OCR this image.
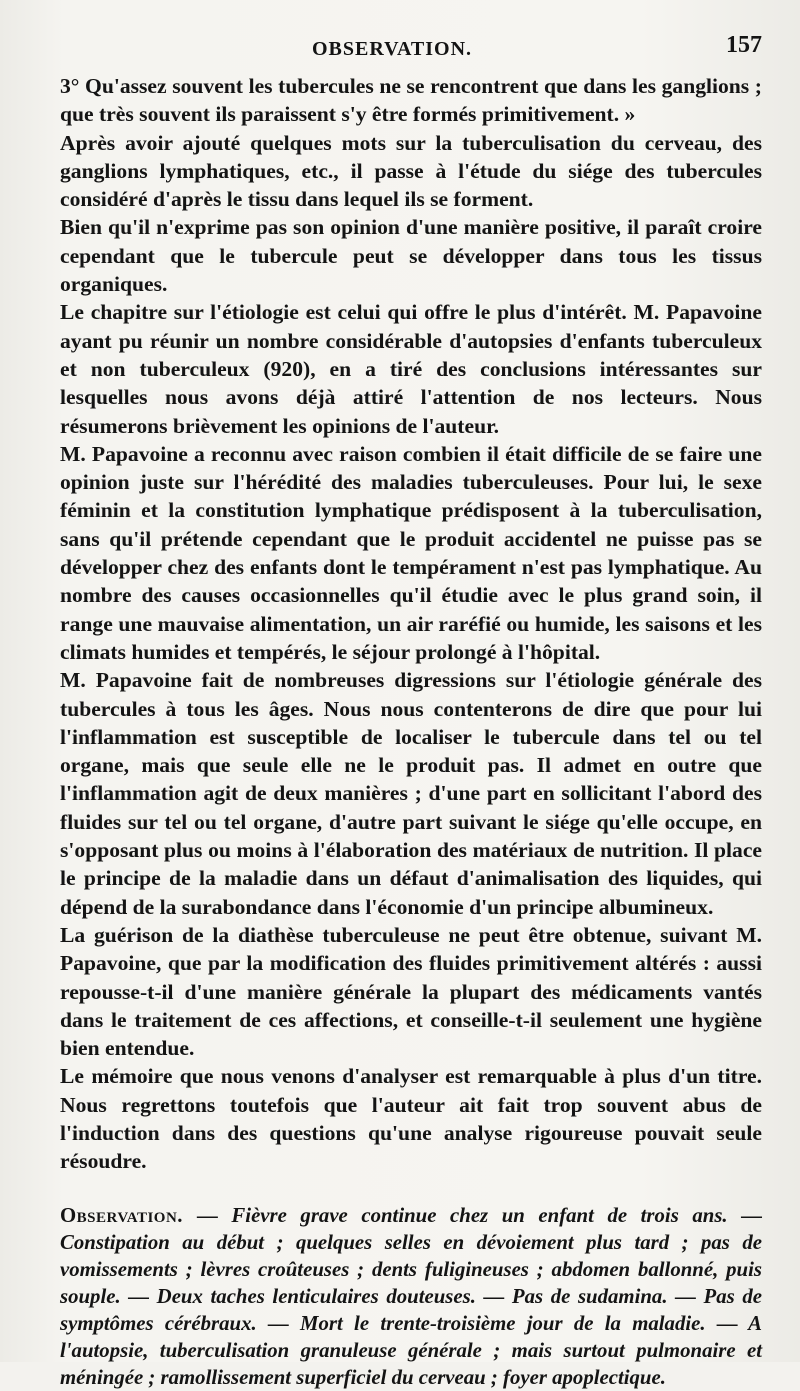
OBSERVATION.	157

3° Qu'assez souvent les tubercules ne se rencontrent que dans les ganglions ; que très souvent ils paraissent s'y être formés primitivement. »

Après avoir ajouté quelques mots sur la tuberculisation du cerveau, des ganglions lymphatiques, etc., il passe à l'étude du siége des tubercules considéré d'après le tissu dans lequel ils se forment.

Bien qu'il n'exprime pas son opinion d'une manière positive, il paraît croire cependant que le tubercule peut se développer dans tous les tissus organiques.

Le chapitre sur l'étiologie est celui qui offre le plus d'intérêt. M. Papavoine ayant pu réunir un nombre considérable d'autopsies d'enfants tuberculeux et non tuberculeux (920), en a tiré des conclusions intéressantes sur lesquelles nous avons déjà attiré l'attention de nos lecteurs. Nous résumerons brièvement les opinions de l'auteur.

M. Papavoine a reconnu avec raison combien il était difficile de se faire une opinion juste sur l'hérédité des maladies tuberculeuses. Pour lui, le sexe féminin et la constitution lymphatique prédisposent à la tuberculisation, sans qu'il prétende cependant que le produit accidentel ne puisse pas se développer chez des enfants dont le tempérament n'est pas lymphatique. Au nombre des causes occasionnelles qu'il étudie avec le plus grand soin, il range une mauvaise alimentation, un air raréfié ou humide, les saisons et les climats humides et tempérés, le séjour prolongé à l'hôpital.

M. Papavoine fait de nombreuses digressions sur l'étiologie générale des tubercules à tous les âges. Nous nous contenterons de dire que pour lui l'inflammation est susceptible de localiser le tubercule dans tel ou tel organe, mais que seule elle ne le produit pas. Il admet en outre que l'inflammation agit de deux manières ; d'une part en sollicitant l'abord des fluides sur tel ou tel organe, d'autre part suivant le siége qu'elle occupe, en s'opposant plus ou moins à l'élaboration des matériaux de nutrition. Il place le principe de la maladie dans un défaut d'animalisation des liquides, qui dépend de la surabondance dans l'économie d'un principe albumineux.

La guérison de la diathèse tuberculeuse ne peut être obtenue, suivant M. Papavoine, que par la modification des fluides primitivement altérés : aussi repousse-t-il d'une manière générale la plupart des médicaments vantés dans le traitement de ces affections, et conseille-t-il seulement une hygiène bien entendue.

Le mémoire que nous venons d'analyser est remarquable à plus d'un titre. Nous regrettons toutefois que l'auteur ait fait trop souvent abus de l'induction dans des questions qu'une analyse rigoureuse pouvait seule résoudre.

Observation. — Fièvre grave continue chez un enfant de trois ans. — Constipation au début ; quelques selles en dévoiement plus tard ; pas de vomissements ; lèvres croûteuses ; dents fuligineuses ; abdomen ballonné, puis souple. — Deux taches lenticulaires douteuses. — Pas de sudamina. — Pas de symptômes cérébraux. — Mort le trente-troisième jour de la maladie. — A l'autopsie, tuberculisation granuleuse générale ; mais surtout pulmonaire et méningée ; ramollissement superficiel du cerveau ; foyer apoplectique.
